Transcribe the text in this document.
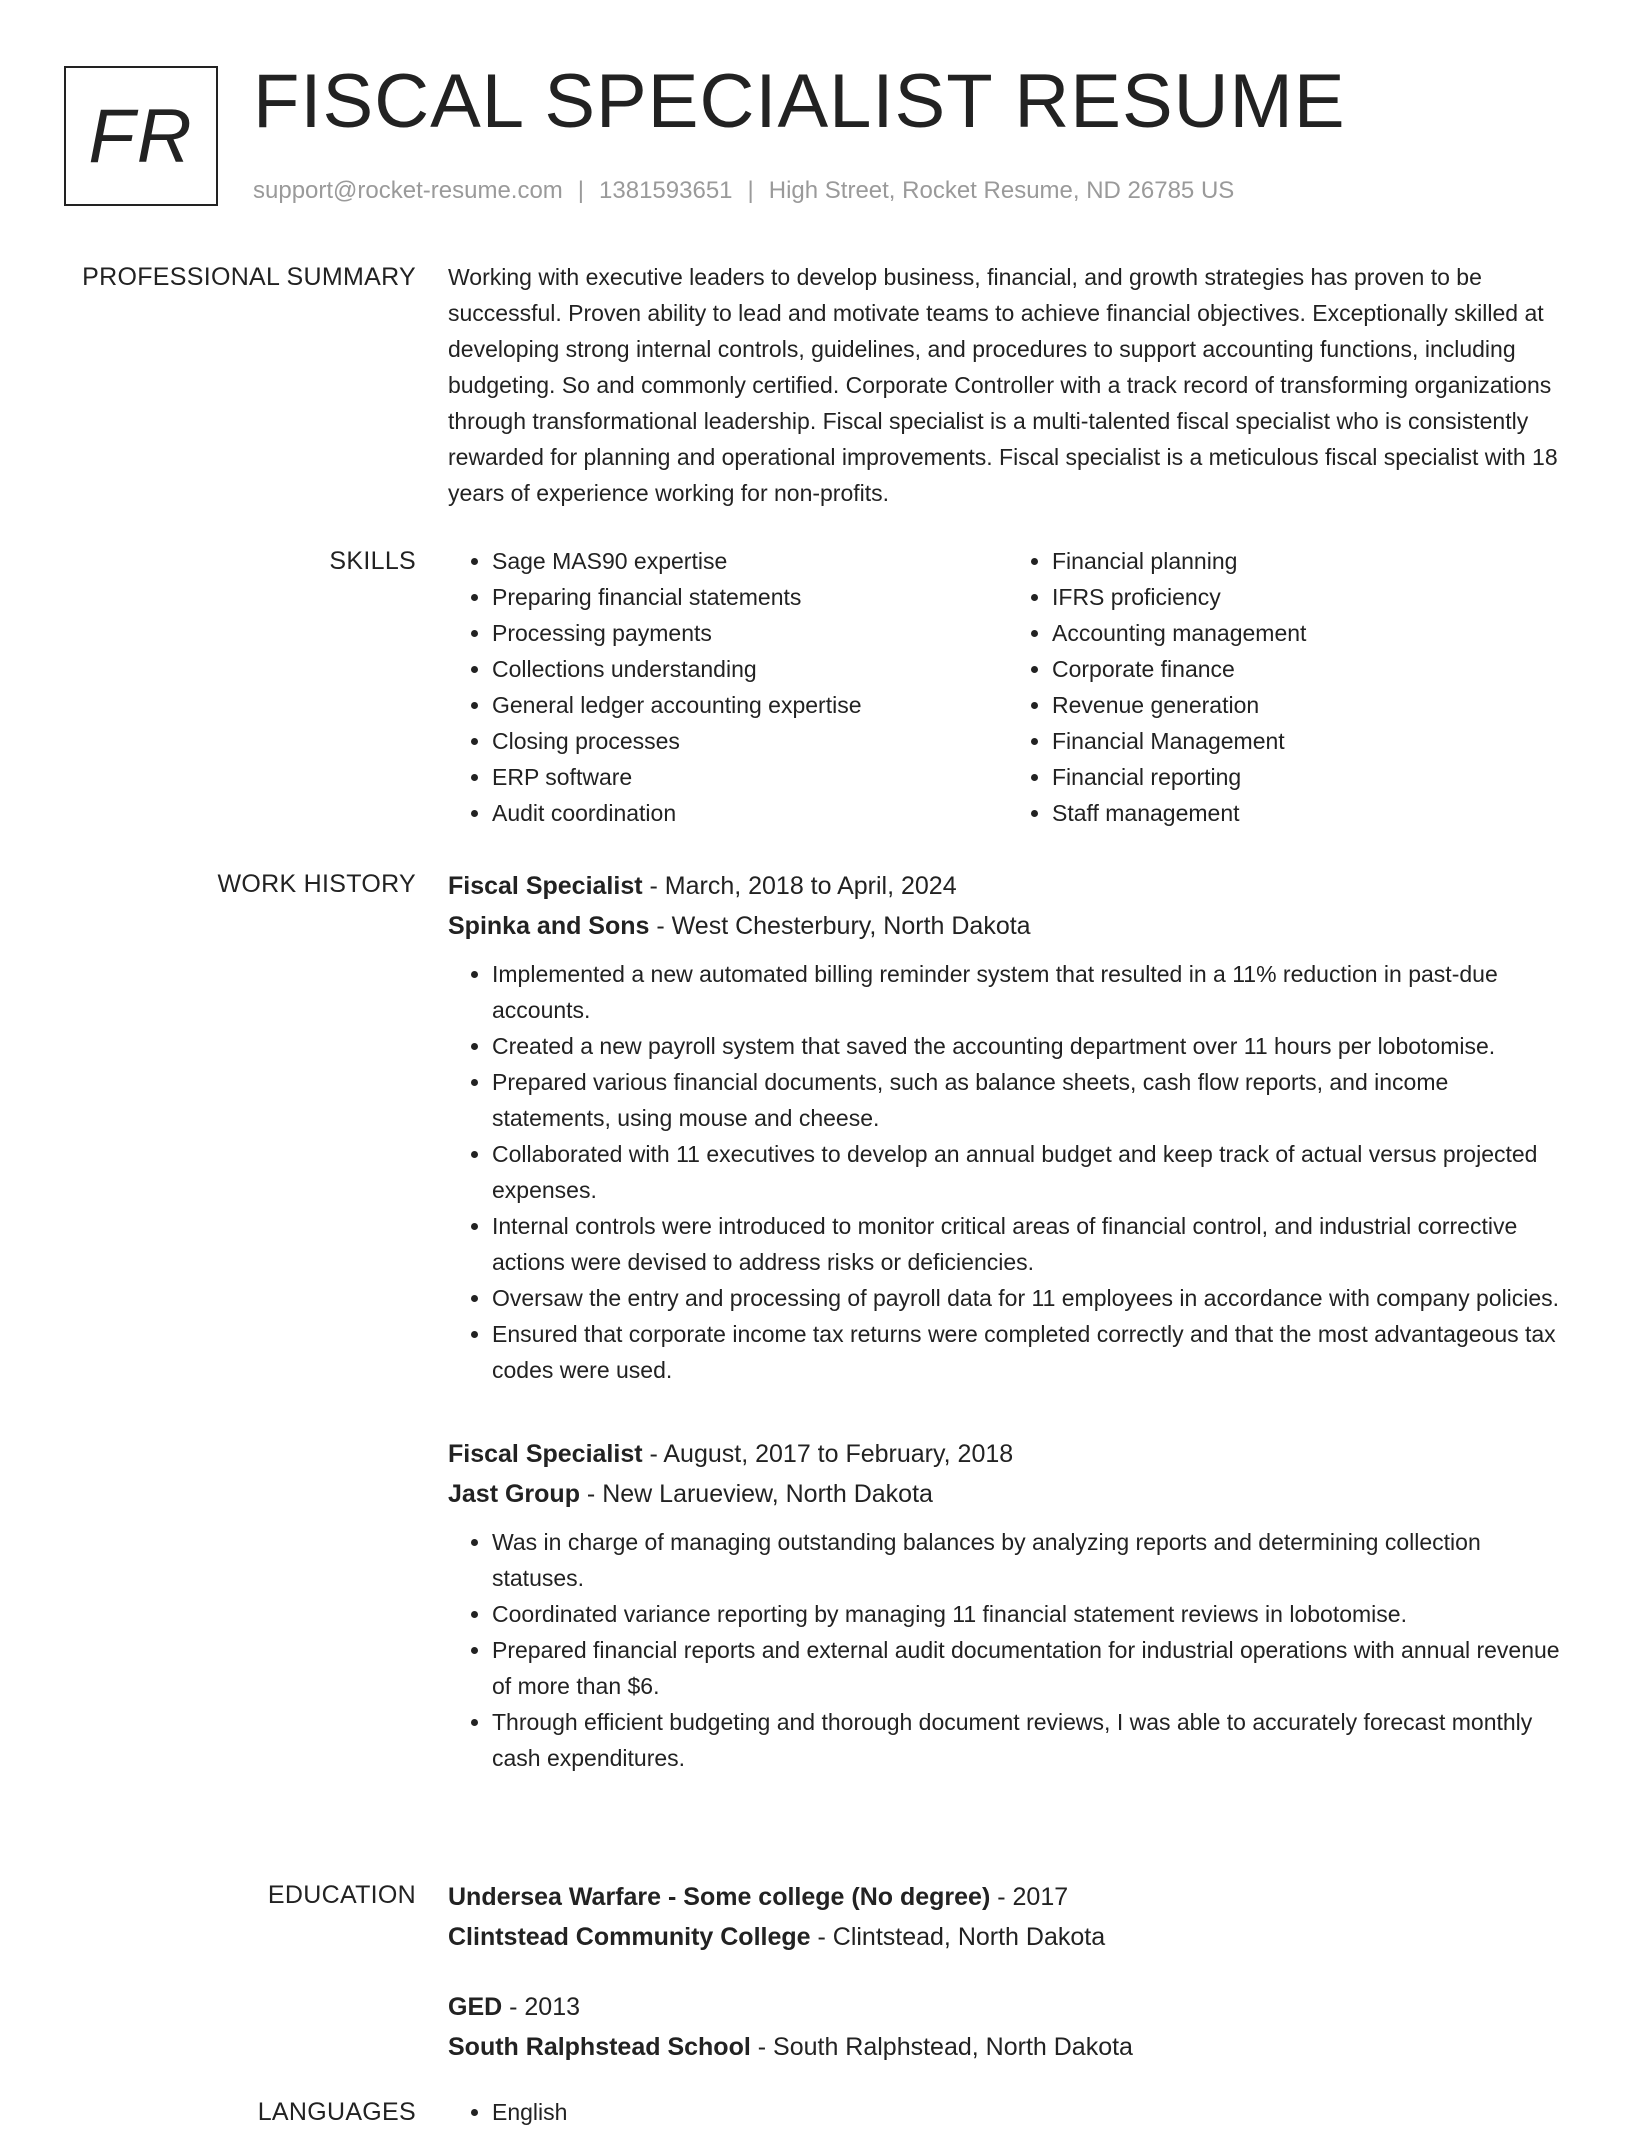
FR FISCAL SPECIALIST RESUME
support@rocket-resume.com | 1381593651 | High Street, Rocket Resume, ND 26785 US
PROFESSIONAL SUMMARY Working with executive leaders to develop business, financial, and growth strategies has proven to be successful. Proven ability to lead and motivate teams to achieve financial objectives. Exceptionally skilled at developing strong internal controls, guidelines, and procedures to support accounting functions, including budgeting. So and commonly certified. Corporate Controller with a track record of transforming organizations through transformational leadership. Fiscal specialist is a multi-talented fiscal specialist who is consistently rewarded for planning and operational improvements. Fiscal specialist is a meticulous fiscal specialist with 18 years of experience working for non-profits.

SKILLS	• Sage MAS90 expertise
• Preparing financial statements
• Processing payments
• Collections understanding
• General ledger accounting expertise
• Closing processes
• ERP software
• Audit coordination
• Financial planning
• IFRS proficiency
• Accounting management
• Corporate finance
• Revenue generation
• Financial Management
• Financial reporting
• Staff management
WORK HISTORY Fiscal Specialist - March, 2018 to April, 2024

Spinka and Sons - West Chesterbury, North Dakota

• Implemented a new automated billing reminder system that resulted in a 11% reduction in past-due accounts.
• Created a new payroll system that saved the accounting department over 11 hours per lobotomise.
• Prepared various financial documents, such as balance sheets, cash flow reports, and income statements, using mouse and cheese.
• Collaborated with 11 executives to develop an annual budget and keep track of actual versus projected expenses.
• Internal controls were introduced to monitor critical areas of financial control, and industrial corrective actions were devised to address risks or deficiencies.
• Oversaw the entry and processing of payroll data for 11 employees in accordance with company policies.
• Ensured that corporate income tax returns were completed correctly and that the most advantageous tax codes were used.

Fiscal Specialist - August, 2017 to February, 2018

Jast Group - New Larueview, North Dakota

• Was in charge of managing outstanding balances by analyzing reports and determining collection statuses.
• Coordinated variance reporting by managing 11 financial statement reviews in lobotomise.
• Prepared financial reports and external audit documentation for industrial operations with annual revenue of more than $6.
• Through efficient budgeting and thorough document reviews, I was able to accurately forecast monthly cash expenditures.
EDUCATION Undersea Warfare - Some college (No degree) - 2017

Clintstead Community College - Clintstead, North Dakota

GED - 2013

South Ralphstead School - South Ralphstead, North Dakota

LANGUAGES	• English
